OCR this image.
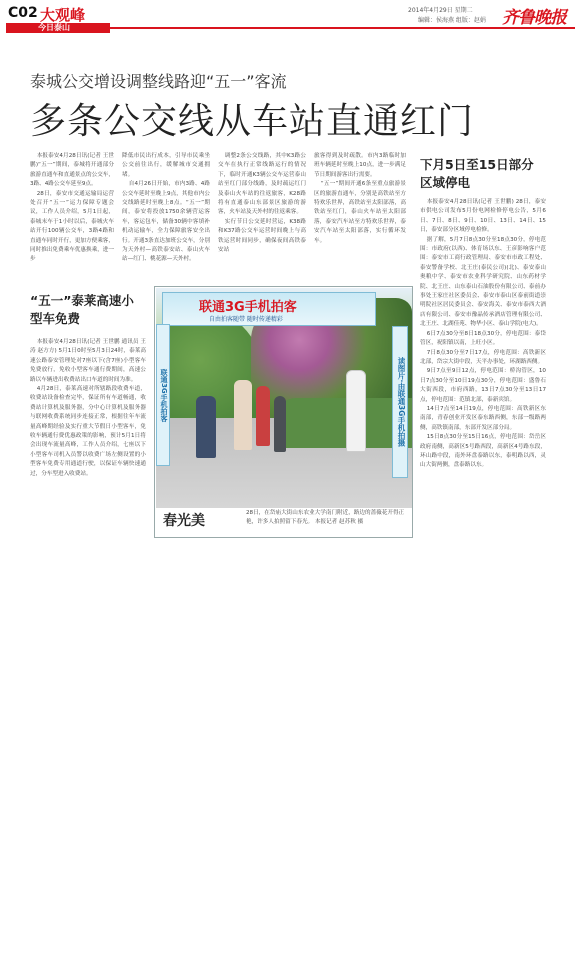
C02 大观峰
今日泰山
2014年4月29日 星期二
编辑：侯海燕 组版：赵娟 齐鲁晚报
泰城公交增设调整线路迎“五一”客流
多条公交线从车站直通红门

本报泰安4月28日讯(记者 王世鹏)“五一”期间，泰城将开通部分旅游直通车和直通景点的公交车，3路、4路公交车延至9点。

28日，泰安市交通运输局运营处召开“五一”运力保障专题会议，工作人员介绍，5月1日起，泰城末车于1小时以后，泰城火车站开行100辆公交车，3路4路和直通车同时开行，更加方便乘客，同时推出免费乘车优惠换乘，进一步

降低市民出行成本，引导市民乘坐公交前往出行，缓解城市交通拥堵。

自4月26日开始，市内3路、4路公交车延时至晚上9点，其他市内公交线路延时至晚上8点。“五一”期间，泰安将投放1750余辆营运客车，客运包车，储备30辆中客填补机动运输车，全力保障旅客安全出行。开通3条直达加班公交车，分别为天外村—高铁泰安站、泰山火车站—红门、桃花源—天外村。

调整2条公交线路，其中K3路公交车在执行正常线路运行的情况下，临时开通K3辆公交车运营泰山站至红门部分线路，及时疏运红门及泰山火车站的往返旅客，K28路将有直通泰山东部景区旅游的游客，火车站及天外村的往返乘客。

实行节日公交延时营运，K38路和K37路公交车运营时间晚上与高铁运营时间同步，确保夜间高铁泰安站

旅客得到及时疏散。市内3路临时加班车辆延时至晚上10点，进一步满足节日期间游客出行需要。

“五一”期间开通6条至重点旅游景区的旅游直通车，分别是高铁站至方特欢乐世界，高铁站至太阳部落，高铁站至红门，泰山火车站至太阳部落，泰安汽车站至方特欢乐世界，泰安汽车站至太阳部落，实行循环发车。

“五一”泰莱高速小型车免费

本报泰安4月28日讯(记者 王世鹏 通讯员 王涛 赵方方) 5月1日0时至5月3日24时，泰莱高速公路泰安管理处对7座以下(含7座)小型客车免费放行，免收小型客车通行费期间，高速公路以车辆进出收费站出口车道的时间为准。

4月28日，泰莱高速对所辖路段收费车道，收费站设备检查完毕，保证所有车道畅通，收费站计算机及服务器，分中心计算机及服务器与联网收费系统同步连接正常，根据往年车流量高峰期经验及实行重大节假日小型客车，免收车辆通行费优惠政策的影响，预计5月1日将会出现车流量高峰，工作人员介绍，七座以下小型客车司机入员警以收费广场左侧设置的小型客车免费专用通道行驶，以保证车辆快速通过，分车型进入收费站。

下月5日至15日部分区域停电

本报泰安4月28日讯(记者 王世鹏) 28日，泰安市供电公司发布5月份电网检修停电公告，5月6日、7日、8日、9日、10日、13日、14日、15日，泰安部分区域停电检修。

据了解，5月7日8点30分至18点30分，停电范围：市政府(以西)、体育场以东、王彦影响客户范围：泰安市工商行政管理局、泰安市市政工程处、泰安警备学校、北王庄(泰民公司)(北)、泰安泰山奥粮中学、泰安市农业科学研究院、山东药材学院、北王庄、山东泰山石油股份有限公司、泰前办事处王家庄社区委员会、泰安市泰山区泰前街道崇明院社区居民委员会、泰安海关、泰安市泰西大酒店有限公司、泰安市豫晶传承酒店管理有限公司、北王庄、北湖佳苑、物华小区、泰山学院(电大)。

6日7点30分至8日18点30分，停电范围：泰岱管区，祝阳镇以南，上旺小区。

7日8点30分至7日17点，停电范围：高铁新区北部，岱宗大街中段，天平办事处，环湖路西侧。

9日7点至9日12点，停电范围：桥沟管区，10日7点30分至10日19点30分，停电范围：盛鲁石大街西段，市府西路，13日7点30分至13日17点，停电范围：范镇北部，泰新宾馆。

14日7点至14日19点，停电范围：高铁新区东南部，青春创业开发区泰东路西侧，东部一级路两侧，高铁镇南部，东部开发区部分局。

15日8点30分至15日16点，停电范围：岱岳区政府南侧，高新区5号路西段，高新区4号路东段，环山路中段，南外环盘泰路以东，泰明路以西，灵山大街两侧，盘泰路以东。

联通3G手机拍客
自由拍客随带 随时传递精彩
联通3G手机拍客	读图片·由联通3G手机拍摄
春光美	28日，在岱庙大街山东农业大学南门附近，路边的蔷薇花开得正艳，许多人拍照留下春光。 本报记者 赵苏秋 摄
